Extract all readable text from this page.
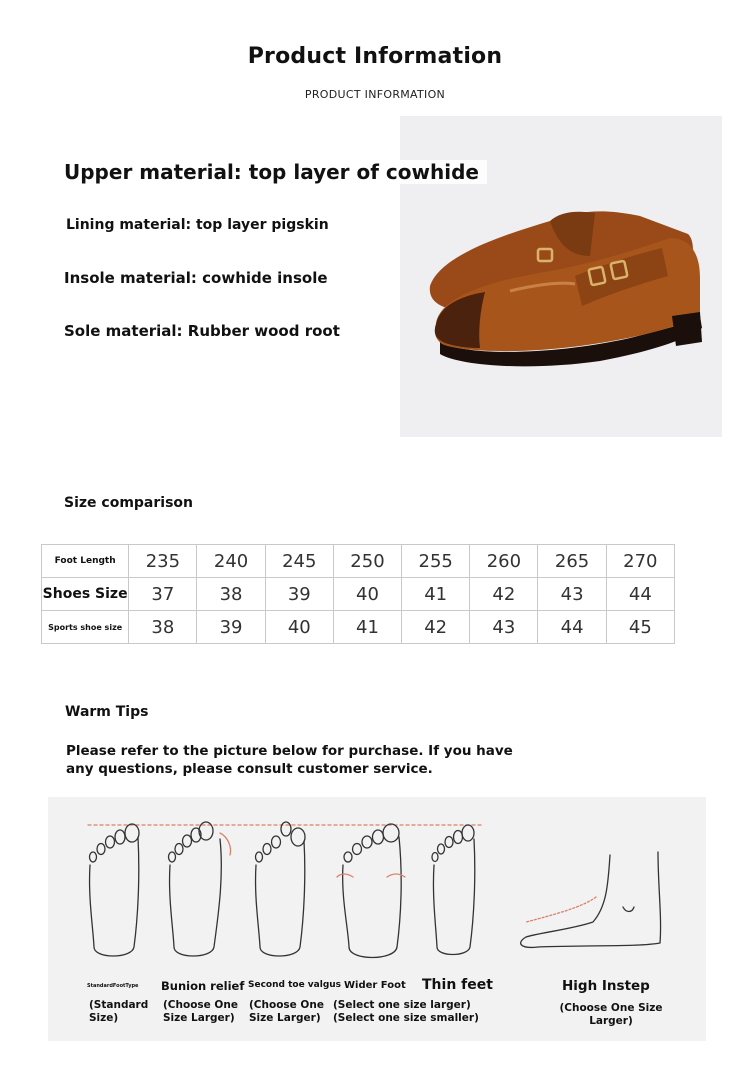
Product Information
PRODUCT INFORMATION
Upper material: top layer of cowhide
Lining material: top layer pigskin
Insole material: cowhide insole
Sole material: Rubber wood root
Size comparison
Foot Length	235	240	245	250	255	260	265	270
Shoes Size	37	38	39	40	41	42	43	44
Sports shoe size	38	39	40	41	42	43	44	45
Warm Tips
Please refer to the picture below for purchase. If you have any questions, please consult customer service.
StandardFootType Bunion relief Second toe valgus Wider Foot Thin feet	High Instep
(Standard Size)
(Choose One Size Larger)
(Choose One Size Larger)
(Select one size larger) (Select one size smaller)
(Choose One Size Larger)
